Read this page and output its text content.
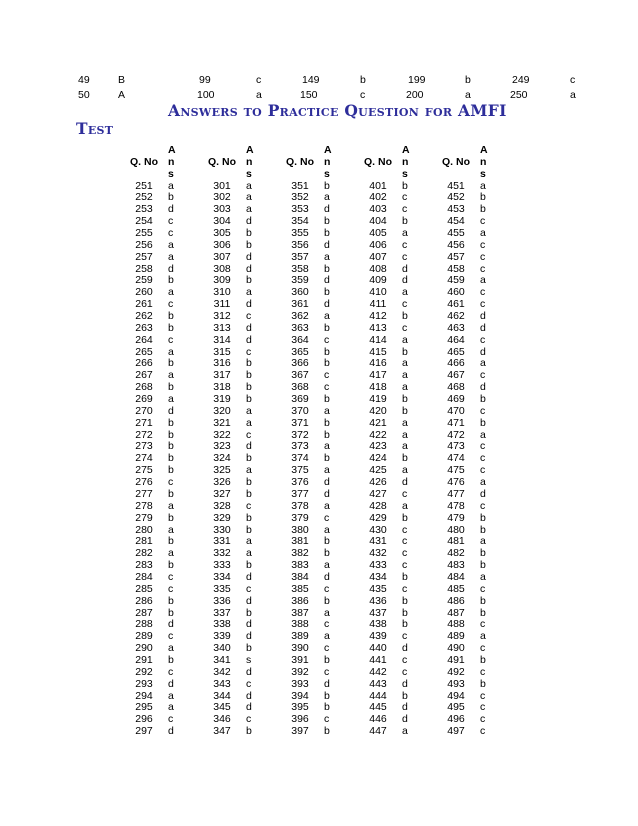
49	B	99	c	149	b	199	b	249	c
50	A	100	a	150	c	200	a	250	a
Answers to Practice Question for AMFI
Test
Q. No	A	Q. No	A	Q. No	A	Q. No	A	Q. No	A
	n		n		n		n		n
	s		s		s		s		s
251	a	301	a	351	b	401	b	451	a
252	b	302	a	352	a	402	c	452	b
253	d	303	a	353	d	403	c	453	b
254	c	304	d	354	b	404	b	454	c
255	c	305	b	355	b	405	a	455	a
256	a	306	b	356	d	406	c	456	c
257	a	307	d	357	a	407	c	457	c
258	d	308	d	358	b	408	d	458	c
259	b	309	b	359	d	409	d	459	a
260	a	310	a	360	b	410	a	460	c
261	c	311	d	361	d	411	c	461	c
262	b	312	c	362	a	412	b	462	d
263	b	313	d	363	b	413	c	463	d
264	c	314	d	364	c	414	a	464	c
265	a	315	c	365	b	415	b	465	d
266	b	316	b	366	b	416	a	466	a
267	a	317	b	367	c	417	a	467	c
268	b	318	b	368	c	418	a	468	d
269	a	319	b	369	b	419	b	469	b
270	d	320	a	370	a	420	b	470	c
271	b	321	a	371	b	421	a	471	b
272	b	322	c	372	b	422	a	472	a
273	b	323	d	373	a	423	a	473	c
274	b	324	b	374	b	424	b	474	c
275	b	325	a	375	a	425	a	475	c
276	c	326	b	376	d	426	d	476	a
277	b	327	b	377	d	427	c	477	d
278	a	328	c	378	a	428	a	478	c
279	b	329	b	379	c	429	b	479	b
280	a	330	b	380	a	430	c	480	b
281	b	331	a	381	b	431	c	481	a
282	a	332	a	382	b	432	c	482	b
283	b	333	b	383	a	433	c	483	b
284	c	334	d	384	d	434	b	484	a
285	c	335	c	385	c	435	c	485	c
286	b	336	d	386	b	436	b	486	b
287	b	337	b	387	a	437	b	487	b
288	d	338	d	388	c	438	b	488	c
289	c	339	d	389	a	439	c	489	a
290	a	340	b	390	c	440	d	490	c
291	b	341	s	391	b	441	c	491	b
292	c	342	d	392	c	442	c	492	c
293	d	343	c	393	d	443	d	493	b
294	a	344	d	394	b	444	b	494	c
295	a	345	d	395	b	445	d	495	c
296	c	346	c	396	c	446	d	496	c
297	d	347	b	397	b	447	a	497	c
